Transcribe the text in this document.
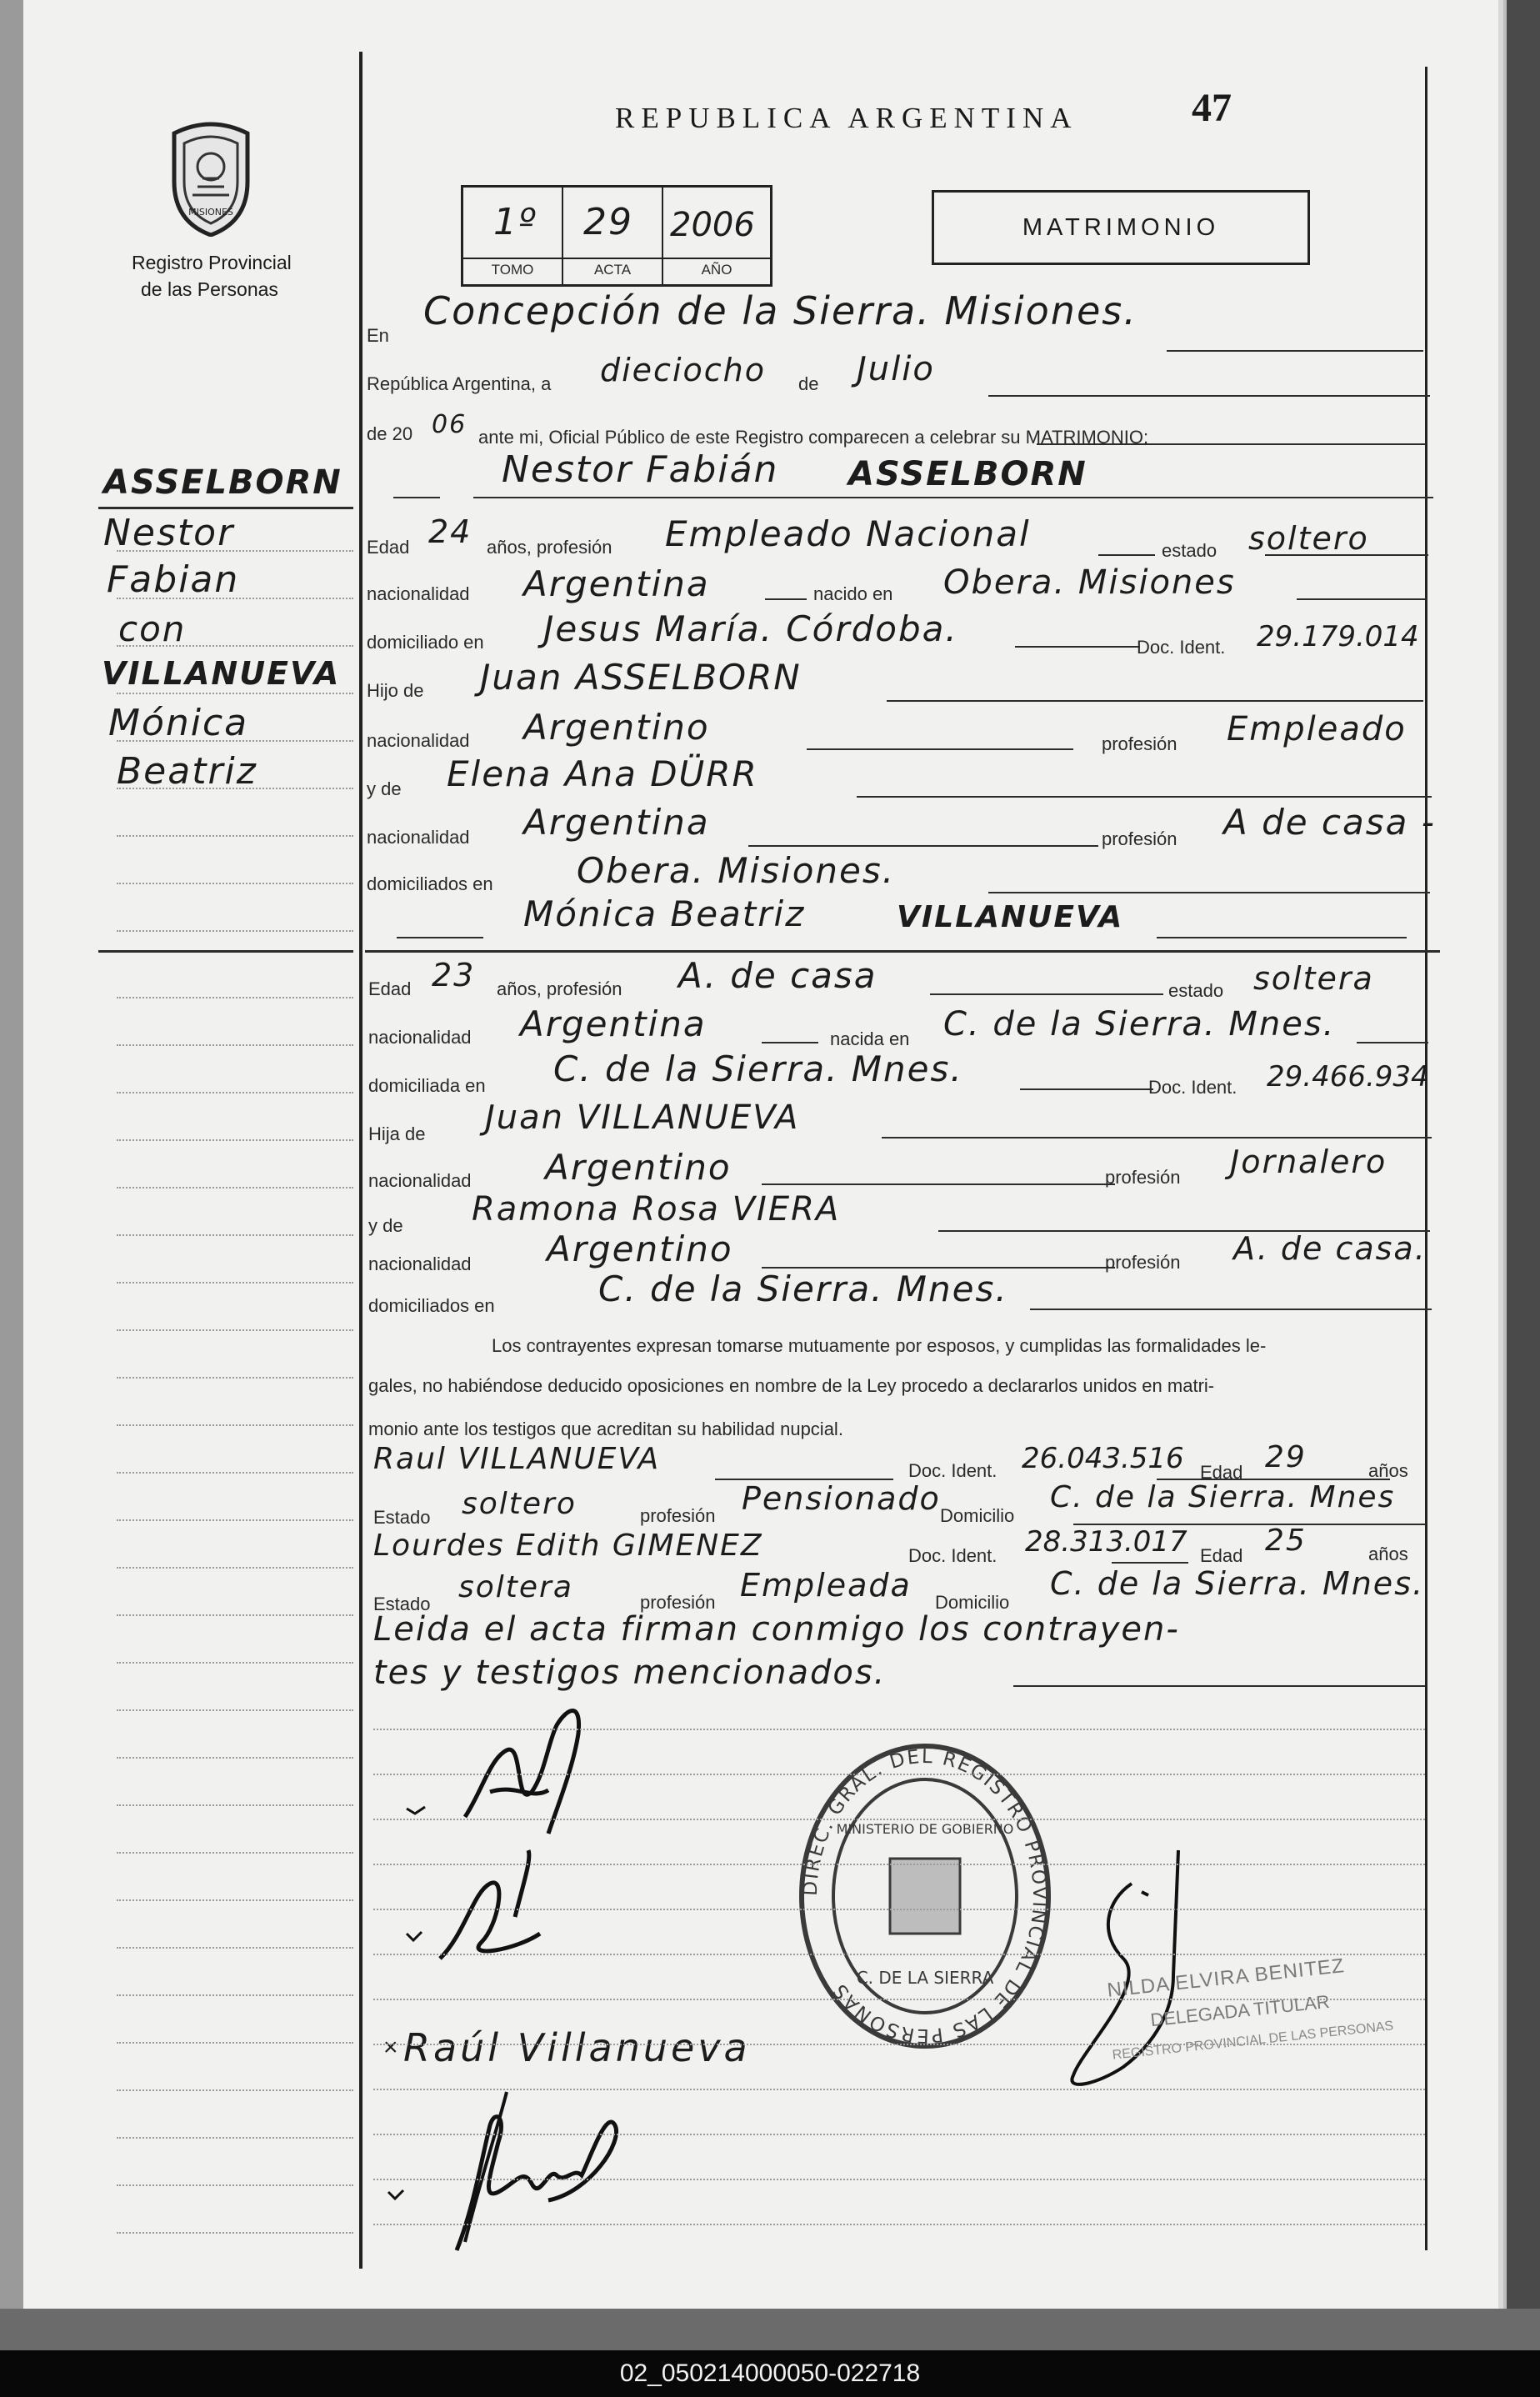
MISIONES
Registro Provincial
de las Personas
REPUBLICA ARGENTINA	47
1º
TOMO
29
ACTA
2006
AÑO
MATRIMONIO
ASSELBORN
Nestor
Fabian
con
VILLANUEVA
Mónica
Beatriz
En
Concepción de la Sierra. Misiones.
República Argentina, a dieciocho de Julio
de 20 06 ante mi, Oficial Público de este Registro comparecen a celebrar su MATRIMONIO:
Nestor Fabián ASSELBORN
Edad 24 años, profesión Empleado Nacional	estado soltero
nacionalidad Argentina	nacido en Obera. Misiones
domiciliado en Jesus María. Córdoba.	Doc. Ident. 29.179.014
Hijo de Juan ASSELBORN
nacionalidad Argentino	profesión Empleado
y de Elena Ana DÜRR
nacionalidad Argentina	profesión A de casa -
domiciliados en Obera. Misiones.
Mónica Beatriz	VILLANUEVA
Edad 23 años, profesión A. de casa	estado soltera
nacionalidad Argentina	nacida en C. de la Sierra. Mnes.
domiciliada en C. de la Sierra. Mnes.	Doc. Ident. 29.466.934
Hija de Juan VILLANUEVA
nacionalidad Argentino	profesión Jornalero
y de Ramona Rosa VIERA
nacionalidad Argentino	profesión A. de casa.
domiciliados en	C. de la Sierra. Mnes.
Los contrayentes expresan tomarse mutuamente por esposos, y cumplidas las formalidades le-
gales, no habiéndose deducido oposiciones en nombre de la Ley procedo a declararlos unidos en matri-
monio ante los testigos que acreditan su habilidad nupcial.
Raul VILLANUEVA	Doc. Ident. 26.043.516 Edad 29	años
Estado soltero	profesión Pensionado Domicilio
C. de la Sierra. Mnes
Lourdes Edith GIMENEZ	Doc. Ident. 28.313.017 Edad 25	años
Estado soltera	profesión Empleada Domicilio
C. de la Sierra. Mnes.
Leida el acta firman conmigo los contrayen-
tes y testigos mencionados.
× Raúl Villanueva
DIREC. GRAL. DEL REGISTRO PROVINCIAL DE LAS PERSONAS
MINISTERIO DE GOBIERNO
C. DE LA SIERRA	NILDA ELVIRA BENITEZ
DELEGADA TITULAR
REGISTRO PROVINCIAL DE LAS PERSONAS
02_050214000050-022718
